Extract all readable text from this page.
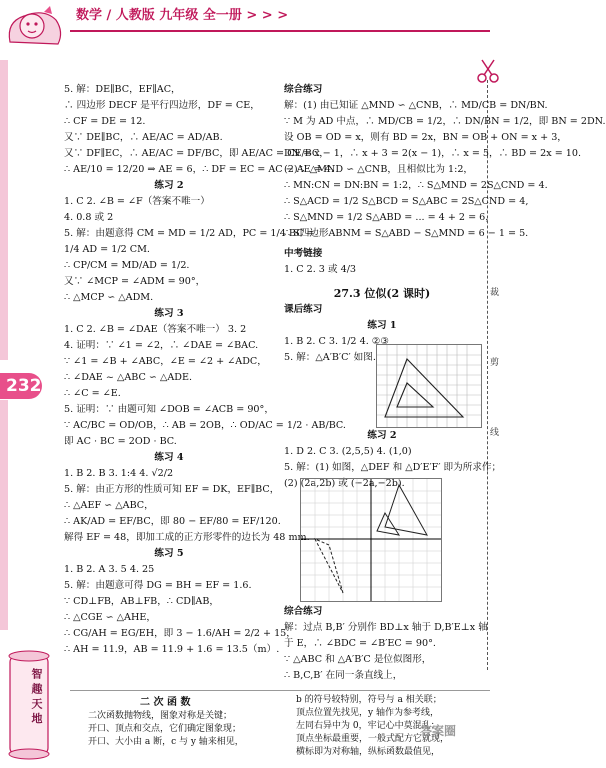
数学 / 人教版 九年级 全一册 > > >
裁
剪
线
232

5. 解：DE∥BC，EF∥AC，

∴ 四边形 DECF 是平行四边形，DF = CE，

∴ CF = DE = 12.

又∵ DE∥BC，∴ AE/AC = AD/AB.

又∵ DF∥EC，∴ AE/AC = DF/BC，即 AE/AC = CE/BC，

∴ AE/10 = 12/20 ⇒ AE = 6，∴ DF = EC = AC − AE = 4.

练习 2

1. C 2. ∠B = ∠F（答案不唯一）

4. 0.8 或 2

5. 解：由题意得 CM = MD = 1/2 AD，PC = 1/4 BC =

1/4 AD = 1/2 CM.

∴ CP/CM = MD/AD = 1/2.

又∵ ∠MCP = ∠ADM = 90°，

∴ △MCP ∽ △ADM.

练习 3

1. C 2. ∠B = ∠DAE（答案不唯一） 3. 2

4. 证明：∵ ∠1 = ∠2，∴ ∠DAE = ∠BAC.

∵ ∠1 = ∠B + ∠ABC，∠E = ∠2 + ∠ADC，

∴ ∠DAE ~ △ABC ∽ △ADE.

∴ ∠C = ∠E.

5. 证明：∵ 由题可知 ∠DOB = ∠ACB = 90°，

∵ AC/BC = OD/OB，∴ AB = 2OB，∴ OD/AC = 1/2 · AB/BC.

即 AC · BC = 2OD · BC.

练习 4

1. B 2. B 3. 1:4 4. √2/2

5. 解：由正方形的性质可知 EF = DK，EF∥BC，

∴ △AEF ∽ △ABC，

∴ AK/AD = EF/BC，即 80 − EF/80 = EF/120.

解得 EF = 48，即加工成的正方形零件的边长为 48 mm.

练习 5

1. B 2. A 3. 5 4. 25

5. 解：由题意可得 DG = BH = EF = 1.6.

∵ CD⊥FB，AB⊥FB，∴ CD∥AB，

∴ △CGE ∽ △AHE，

∴ CG/AH = EG/EH，即 3 − 1.6/AH = 2/2 + 15，

∴ AH = 11.9，AB = 11.9 + 1.6 = 13.5（m）.

综合练习

解：(1) 由已知证 △MND ∽ △CNB，∴ MD/CB = DN/BN.

∵ M 为 AD 中点，∴ MD/CB = 1/2，∴ DN/BN = 1/2，即 BN = 2DN.

设 OB = OD = x，则有 BD = 2x，BN = OB + ON = x + 3，

DN = x − 1，∴ x + 3 = 2(x − 1)，∴ x = 5，∴ BD = 2x = 10.

(2) ∵ △MND ∽ △CNB，且相似比为 1:2，

∴ MN:CN = DN:BN = 1:2，∴ S△MND = 2S△CND = 4.

∴ S△ACD = 1/2 S△BCD = S△ABC = 2S△CND = 4,

∴ S△MND = 1/2 S△ABD = ... = 4 + 2 = 6，

∴ S四边形ABNM = S△ABD − S△MND = 6 − 1 = 5.

中考链接

1. C 2. 3 或 4/3

27.3 位似(2 课时)

课后练习

练习 1

1. B 2. C 3. 1/2 4. ②③

5. 解：△A′B′C′ 如图.

练习 2

1. D 2. C 3. (2,5,5) 4. (1,0)

5. 解：(1) 如图，△DEF 和 △D′E′F′ 即为所求作；

(2) (2a,2b) 或 (−2a,−2b).

综合练习

解：过点 B,B′ 分别作 BD⊥x 轴于 D,B′E⊥x 轴

于 E，∴ ∠BDC = ∠B′EC = 90°.

∵ △ABC 和 △A′B′C 是位似图形，

∴ B,C,B′ 在同一条直线上，

智 趣 天 地	二 次 函 数
二次函数抛物线，图象对称是关键；
开口、顶点和交点，它们确定图象现；
开口、大小由 a 断，c 与 y 轴来相见，
b 的符号较特别，符号与 a 相关联；
顶点位置先找见，y 轴作为参考线，
左同右异中为 0，牢记心中莫混乱；
顶点坐标最重要，一般式配方它就现，
横标即为对称轴，纵标函数最值见，
答案圈
